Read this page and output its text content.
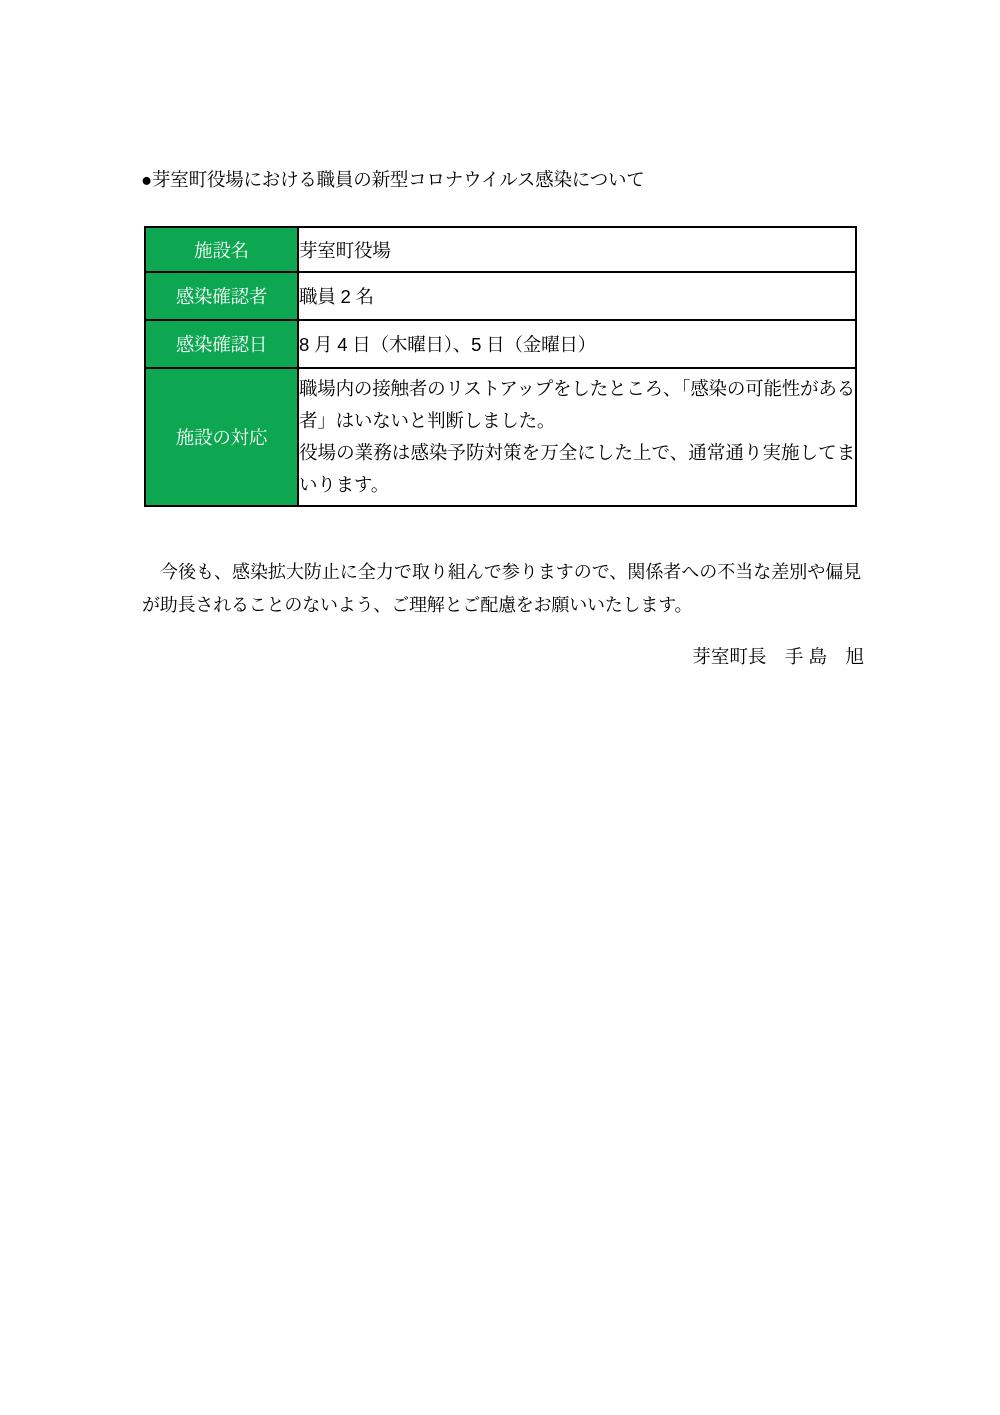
●芽室町役場における職員の新型コロナウイルス感染について
施設名	芽室町役場
感染確認者	職員 2 名
感染確認日	8 月 4 日（木曜日）、5 日（金曜日）
施設の対応	職場内の接触者のリストアップをしたところ、「感染の可能性がある者」はいないと判断しました。
役場の業務は感染予防対策を万全にした上で、通常通り実施してまいります。

今後も、感染拡大防止に全力で取り組んで参りますので、関係者への不当な差別や偏見が助長されることのないよう、ご理解とご配慮をお願いいたします。

芽室町長　手 島　旭
